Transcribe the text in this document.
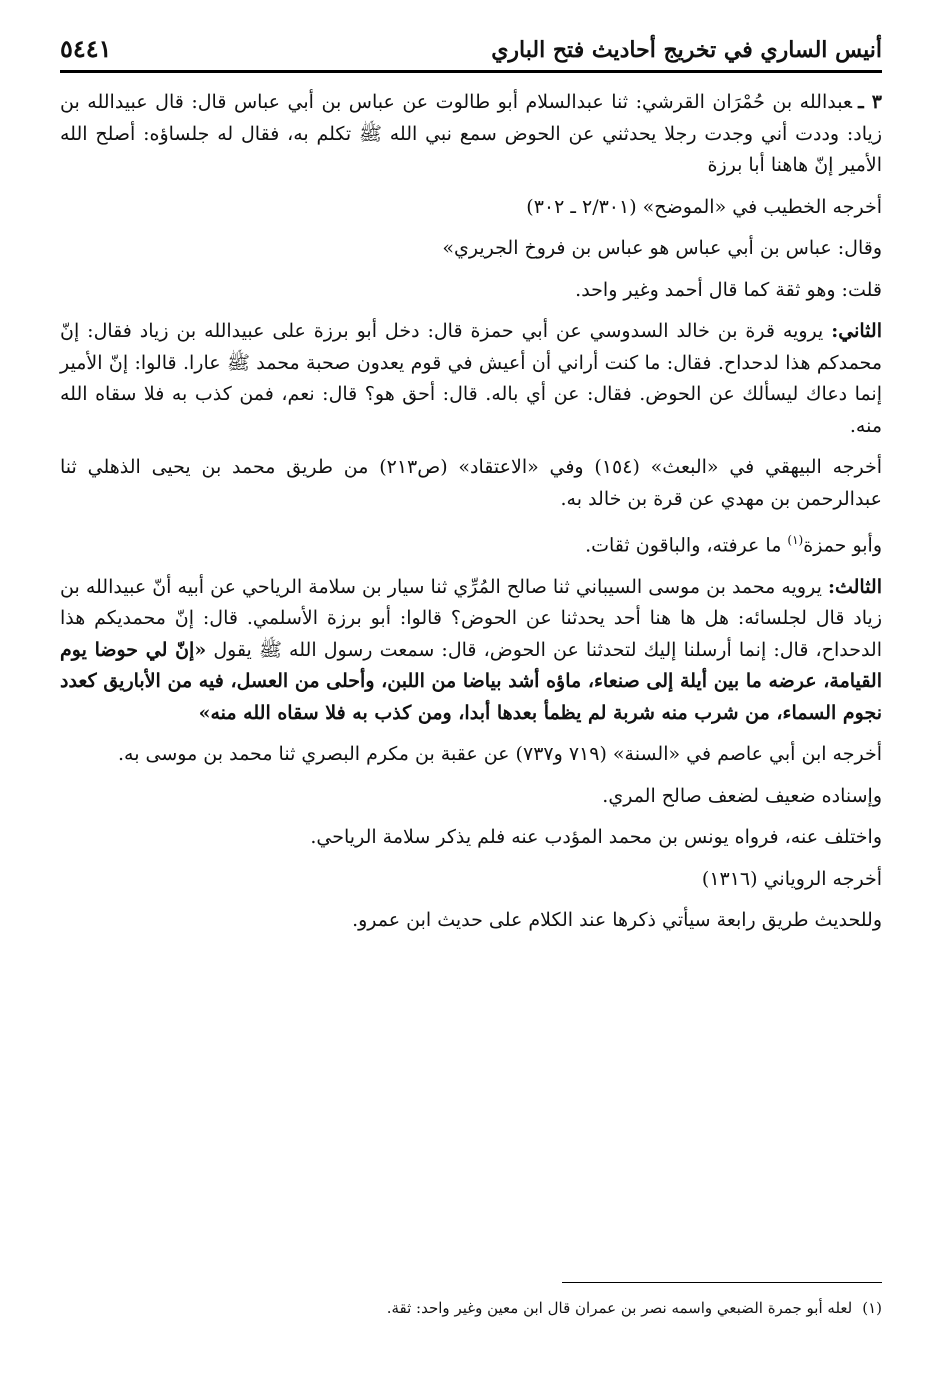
أنيس الساري في تخريج أحاديث فتح الباري
٥٤٤١

٣ ـعبدالله بن حُمْرَان القرشي: ثنا عبدالسلام أبو طالوت عن عباس بن أبي عباس قال: قال عبيدالله بن زياد: وددت أني وجدت رجلا يحدثني عن الحوض سمع نبي الله ﷺ تكلم به، فقال له جلساؤه: أصلح الله الأمير إنّ هاهنا أبا برزة

أخرجه الخطيب في «الموضح» (٢/٣٠١ ـ ٣٠٢)

وقال: عباس بن أبي عباس هو عباس بن فروخ الجريري»

قلت: وهو ثقة كما قال أحمد وغير واحد.

الثاني: يرويه قرة بن خالد السدوسي عن أبي حمزة قال: دخل أبو برزة على عبيدالله بن زياد فقال: إنّ محمدكم هذا لدحداح. فقال: ما كنت أراني أن أعيش في قوم يعدون صحبة محمد ﷺ عارا. قالوا: إنّ الأمير إنما دعاك ليسألك عن الحوض. فقال: عن أي باله. قال: أحق هو؟ قال: نعم، فمن كذب به فلا سقاه الله منه.

أخرجه البيهقي في «البعث» (١٥٤) وفي «الاعتقاد» (ص٢١٣) من طريق محمد بن يحيى الذهلي ثنا عبدالرحمن بن مهدي عن قرة بن خالد به.

وأبو حمزة$^{(١)}$ ما عرفته، والباقون ثقات.

الثالث: يرويه محمد بن موسى السيباني ثنا صالح المُرِّي ثنا سيار بن سلامة الرياحي عن أبيه أنّ عبيدالله بن زياد قال لجلسائه: هل ها هنا أحد يحدثنا عن الحوض؟ قالوا: أبو برزة الأسلمي. قال: إنّ محمديكم هذا الدحداح، قال: إنما أرسلنا إليك لتحدثنا عن الحوض، قال: سمعت رسول الله ﷺ يقول «إنّ لي حوضا يوم القيامة، عرضه ما بين أيلة إلى صنعاء، ماؤه أشد بياضا من اللبن، وأحلى من العسل، فيه من الأباريق كعدد نجوم السماء، من شرب منه شربة لم يظمأ بعدها أبدا، ومن كذب به فلا سقاه الله منه»

أخرجه ابن أبي عاصم في «السنة» (٧١٩ و٧٣٧) عن عقبة بن مكرم البصري ثنا محمد بن موسى به.

وإسناده ضعيف لضعف صالح المري.

واختلف عنه، فرواه يونس بن محمد المؤدب عنه فلم يذكر سلامة الرياحي.

أخرجه الروياني (١٣١٦)

وللحديث طريق رابعة سيأتي ذكرها عند الكلام على حديث ابن عمرو.

(١)لعله أبو جمرة الضبعي واسمه نصر بن عمران قال ابن معين وغير واحد: ثقة.
